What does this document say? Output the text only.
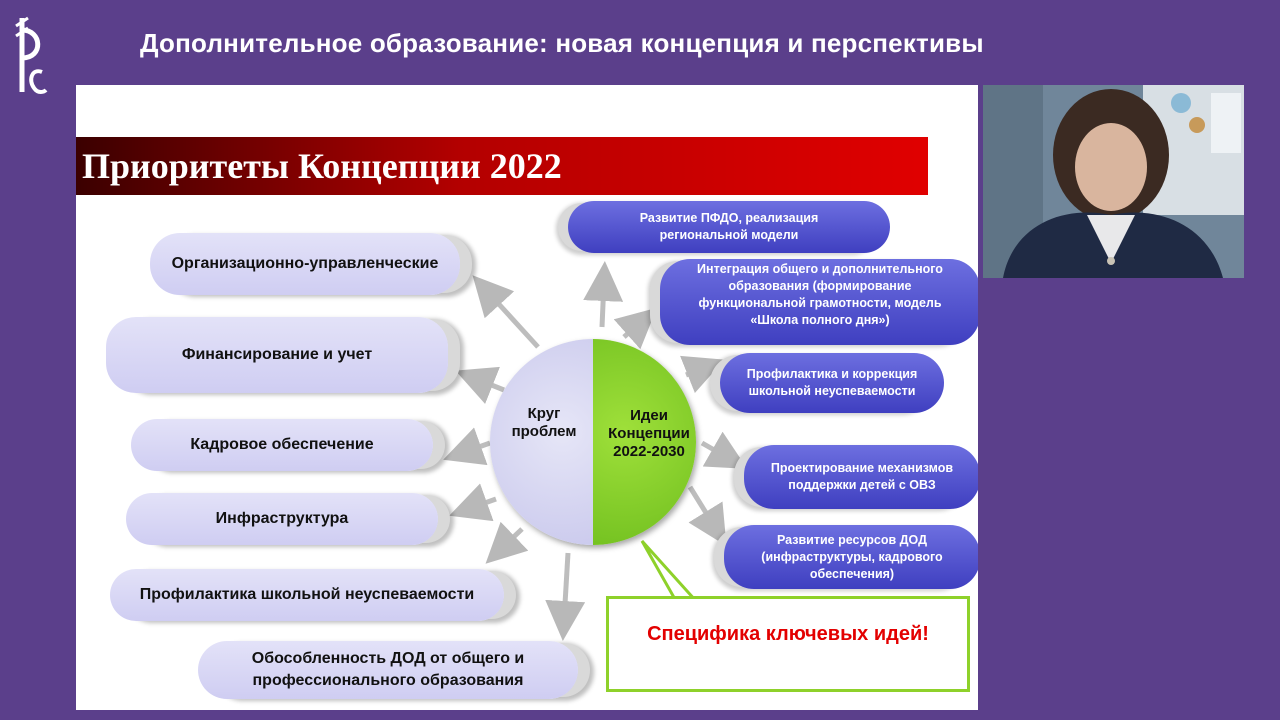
Дополнительное образование: новая концепция и перспективы
Приоритеты Концепции 2022
Организационно-управленческие
Финансирование и учет
Кадровое обеспечение
Инфраструктура
Профилактика школьной неуспеваемости
Обособленность ДОД от общего и профессионального образования
Круг
проблем
Идеи
Концепции
2022-2030
Развитие ПФДО, реализация региональной модели
Интеграция общего и дополнительного образования (формирование функциональной грамотности, модель «Школа полного дня»)
Профилактика и коррекция школьной неуспеваемости
Проектирование механизмов поддержки детей с ОВЗ
Развитие ресурсов ДОД (инфраструктуры, кадрового обеспечения)
Специфика ключевых идей!
